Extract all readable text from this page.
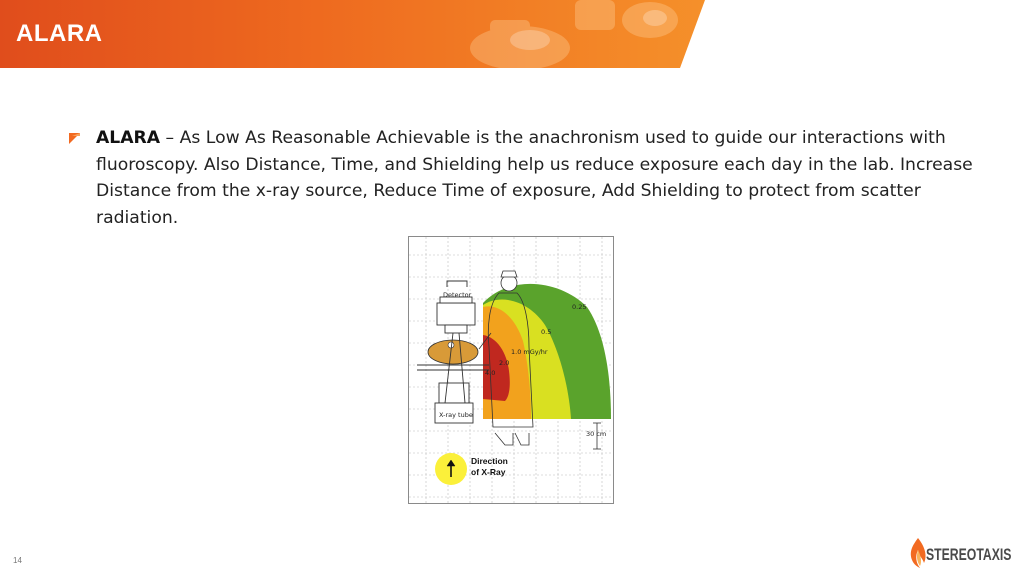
ALARA

ALARA – As Low As Reasonable Achievable is the anachronism used to guide our interactions with fluoroscopy. Also Distance, Time, and Shielding help us reduce exposure each day in the lab. Increase Distance from the x-ray source, Reduce Time of exposure, Add Shielding to protect from scatter radiation.

Detector

X-ray tube

0.25

0.5

1.0 mGy/hr

2.0

4.0

30 cm

Direction
of X-Ray

14	STEREOTAXIS
